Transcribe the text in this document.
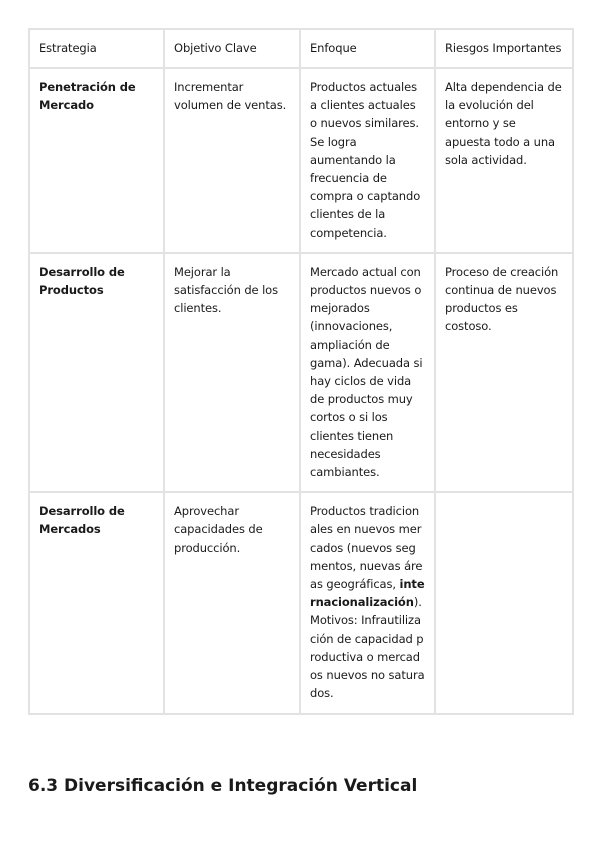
Estrategia	Objetivo Clave	Enfoque	Riesgos Importantes
Penetración de Mercado	Incrementar volumen de ventas.	Productos actuales a clientes actuales o nuevos similares. Se logra aumentando la frecuencia de compra o captando clientes de la competencia.	Alta dependencia de la evolución del entorno y se apuesta todo a una sola actividad.
Desarrollo de Productos	Mejorar la satisfacción de los clientes.	Mercado actual con productos nuevos o mejorados (innovaciones, ampliación de gama). Adecuada si hay ciclos de vida de productos muy cortos o si los clientes tienen necesidades cambiantes.	Proceso de creación continua de nuevos productos es costoso.
Desarrollo de Mercados	Aprovechar capacidades de producción.	Productos tradicionales en nuevos mercados (nuevos segmentos, nuevas áreas geográficas, internacionalización). Motivos: Infrautilización de capacidad productiva o mercados nuevos no saturados.	
6.3 Diversificación e Integración Vertical
